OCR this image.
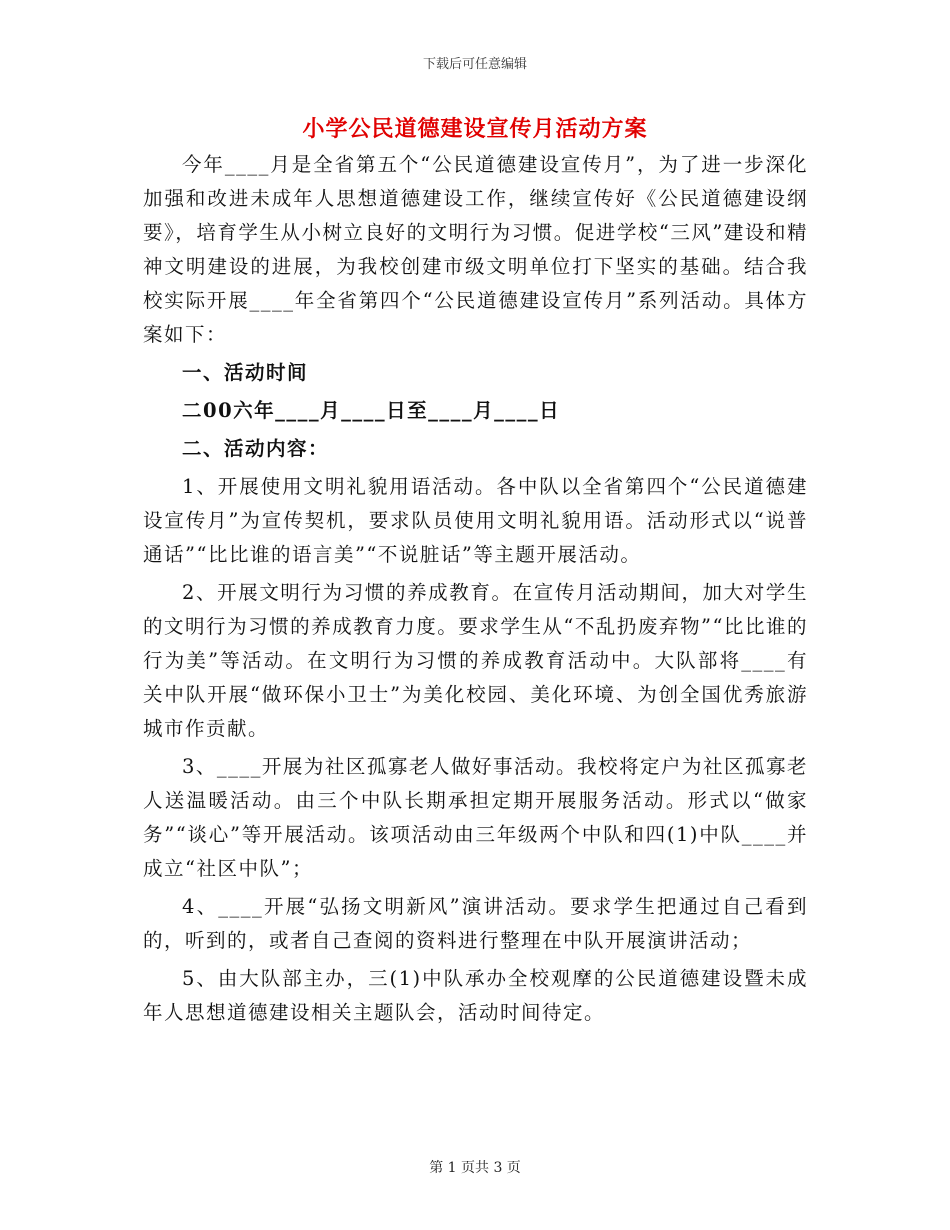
下载后可任意编辑
小学公民道德建设宣传月活动方案

今年____月是全省第五个“公民道德建设宣传月”，为了进一步深化加强和改进未成年人思想道德建设工作，继续宣传好《公民道德建设纲要》，培育学生从小树立良好的文明行为习惯。促进学校“三风”建设和精神文明建设的进展，为我校创建市级文明单位打下坚实的基础。结合我校实际开展____年全省第四个“公民道德建设宣传月”系列活动。具体方案如下：

一、活动时间

二00六年____月____日至____月____日

二、活动内容：

1、开展使用文明礼貌用语活动。各中队以全省第四个“公民道德建设宣传月”为宣传契机，要求队员使用文明礼貌用语。活动形式以“说普通话”“比比谁的语言美”“不说脏话”等主题开展活动。

2、开展文明行为习惯的养成教育。在宣传月活动期间，加大对学生的文明行为习惯的养成教育力度。要求学生从“不乱扔废弃物”“比比谁的行为美”等活动。在文明行为习惯的养成教育活动中。大队部将____有关中队开展“做环保小卫士”为美化校园、美化环境、为创全国优秀旅游城市作贡献。

3、____开展为社区孤寡老人做好事活动。我校将定户为社区孤寡老人送温暖活动。由三个中队长期承担定期开展服务活动。形式以“做家务”“谈心”等开展活动。该项活动由三年级两个中队和四(1)中队____并成立“社区中队”；

4、____开展“弘扬文明新风”演讲活动。要求学生把通过自己看到的，听到的，或者自己查阅的资料进行整理在中队开展演讲活动；

5、由大队部主办，三(1)中队承办全校观摩的公民道德建设暨未成年人思想道德建设相关主题队会，活动时间待定。

第 1 页共 3 页
